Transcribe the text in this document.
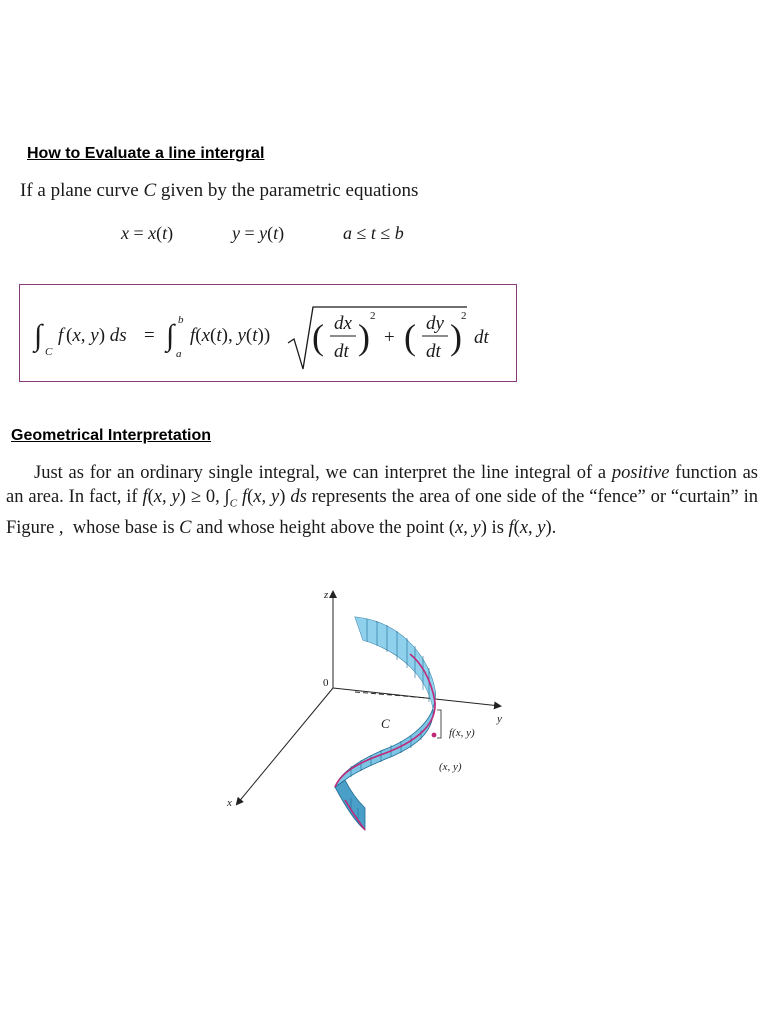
How to Evaluate a line intergral
If a plane curve C given by the parametric equations
x = x(t)	y = y(t)	a ≤ t ≤ b
∫ C
f (x, y) ds = ∫ b
a
f(x(t), y(t)) ( dx
dt )
2
+ ( dy
dt )
2
dt
Geometrical Interpretation
Just as for an ordinary single integral, we can interpret the line integral of a positive function as an area. In fact, if f(x, y) ≥ 0, $\int_C$ f(x, y) ds represents the area of one side of the “fence” or “curtain” in Figure ,  whose base is C and whose height above the point (x, y) is f(x, y).
z
y
x
0
C
f(x, y)
(x, y)
